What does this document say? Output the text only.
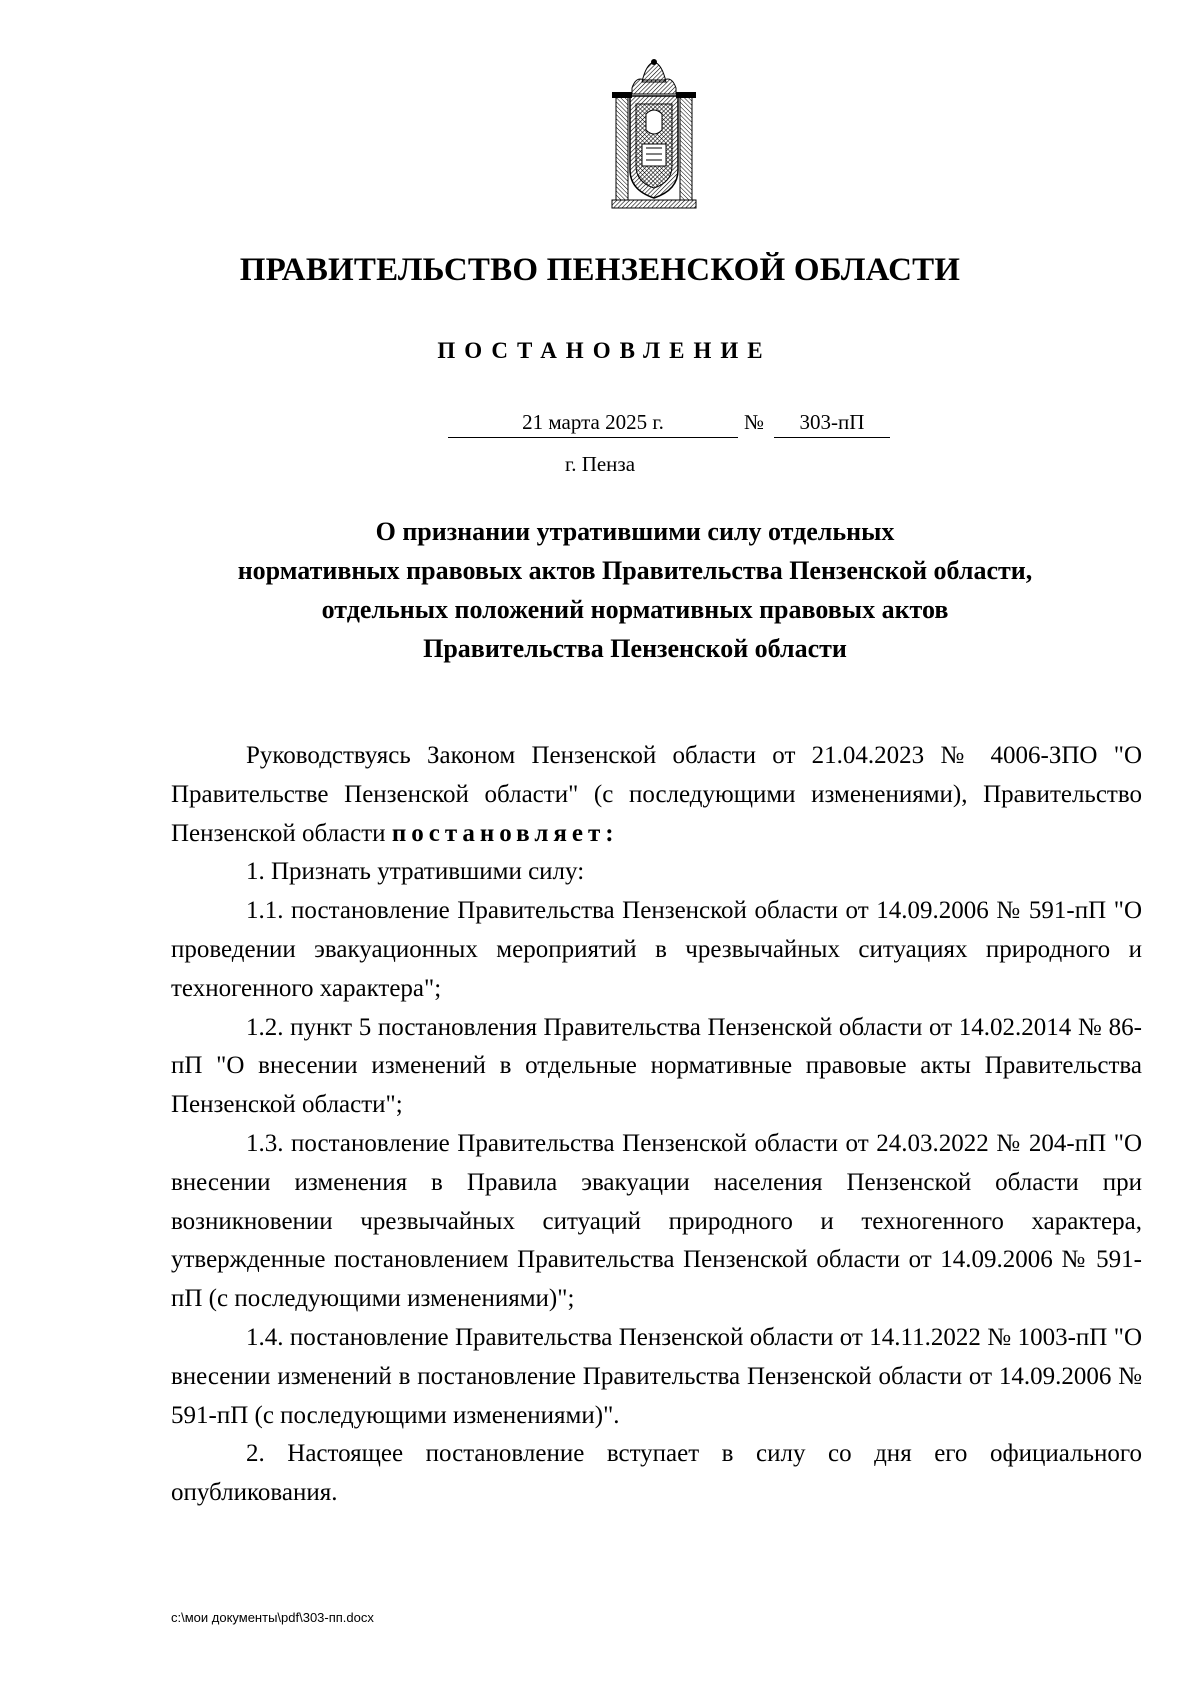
ПРАВИТЕЛЬСТВО ПЕНЗЕНСКОЙ ОБЛАСТИ
ПОСТАНОВЛЕНИЕ
21 марта 2025 г.	№	303-пП
г. Пенза
О признании утратившими силу отдельных
нормативных правовых актов Правительства Пензенской области,
отдельных положений нормативных правовых актов
Правительства Пензенской области

Руководствуясь Законом Пензенской области от 21.04.2023 № 4006-ЗПО "О Правительстве Пензенской области" (с последующими изменениями), Правительство Пензенской области постановляет:

1. Признать утратившими силу:

1.1. постановление Правительства Пензенской области от 14.09.2006 № 591-пП "О проведении эвакуационных мероприятий в чрезвычайных ситуациях природного и техногенного характера";

1.2. пункт 5 постановления Правительства Пензенской области от 14.02.2014 № 86-пП "О внесении изменений в отдельные нормативные правовые акты Правительства Пензенской области";

1.3. постановление Правительства Пензенской области от 24.03.2022 № 204-пП "О внесении изменения в Правила эвакуации населения Пензенской области при возникновении чрезвычайных ситуаций природного и техногенного характера, утвержденные постановлением Правительства Пензенской области от 14.09.2006 № 591-пП (с последующими изменениями)";

1.4. постановление Правительства Пензенской области от 14.11.2022 № 1003-пП "О внесении изменений в постановление Правительства Пензенской области от 14.09.2006 № 591-пП (с последующими изменениями)".

2. Настоящее постановление вступает в силу со дня его официального опубликования.

c:\мои документы\pdf\303-пп.docx
